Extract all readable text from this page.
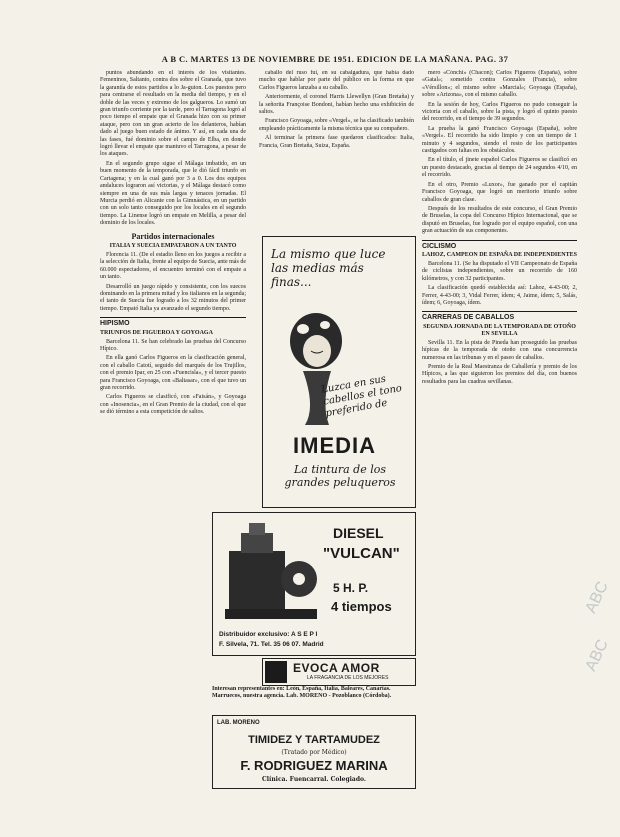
A B C. MARTES 13 DE NOVIEMBRE DE 1951. EDICION DE LA MAÑANA. PAG. 37

puntos abundando en el interés de los visitantes. Femeninos, Saltanto, contra dos sobre el Granada, que tuvo la garantía de estos partidos a lo Ja-guion. Los puestos pero para centrarse el resultado en la media del tiempo, y en el doble de las veces y extremo de los galgueros. Lo sumó un gran triunfo corriente por la tarde, pero el Tarragona logró al poco tiempo el empate que el Granada hizo con su primer ataque, pero con un gran acierto de los delanteros, habían dado al juego buen estado de ánimo. Y así, en cada una de las fases, fué dominio sobre el campo de Elba, en donde logró llevar el empate que mantuvo el Tarragona, a pesar de los ataques.

En el segundo grupo sigue el Málaga imbatido, en un buen momento de la temporada, que le dió fácil triunfo en Cartagena; y en la cual ganó por 3 a 0. Los dos equipos andaluces lograron así victorias, y el Málaga destacó como siempre en una de sus más largas y tenaces jornadas. El Murcia perdió en Alicante con la Gimnástica, en un partido con un solo tanto conseguido por los locales en el segundo tiempo. La Linense logró un empate en Melilla, a pesar del dominio de los locales.

Partidos internacionales
ITALIA Y SUECIA EMPATARON A UN TANTO

Florencia 11. (De el estadio lleno en los juegos a recibir a la selección de Italia, frente al equipo de Suecia, ante más de 60.000 espectadores, el encuentro terminó con el empate a un tanto.

Desarrolló un juego rápido y consistente, con los suecos dominando en la primera mitad y los italianos en la segunda; el tanto de Suecia fue logrado a los 32 minutos del primer tiempo. Empató Italia ya avanzado el segundo tiempo.

HIPISMO
TRIUNFOS DE FIGUEROA Y GOYOAGA

Barcelona 11. Se han celebrado las pruebas del Concurso Hípico.

En ella ganó Carlos Figueros en la clasificación general, con el caballo Catotí, seguido del marqués de los Trujillos, con el premio Ipar, en 25 con «Fuencisla», y el tercer puesto para Francisco Goyoaga, con «Baltasar», con el que tuvo un gran recorrido.

Carlos Figueros se clasificó, con «Faisán», y Goyoaga con «Inosencia», en el Gran Premio de la ciudad, con el que se dió término a esta competición de saltos.

caballo del ruso fui, en su cabalgadura, que había dado mucho que hablar por parte del público en la forma en que Carlos Figueros lanzaba a su caballo.

Anteriormente, el coronel Harris Llewellyn (Gran Bretaña) y la señorita Françoise Bondoni, habían hecho una exhibición de saltos.

Francisco Goyoaga, sobre «Vergel», se ha clasificado también empleando prácticamente la misma técnica que su compañero.

Al terminar la primera fase quedaron clasificados: Italia, Francia, Gran Bretaña, Suiza, España.

La mismo que luce las medias más finas...
Luzca en sus cabellos el tono preferido de
IMEDIA
La tintura de los grandes peluqueros
DIESEL
"VULCAN"
5 H. P.
4 tiempos
Distribuidor exclusivo: A S E P I
F. Silvela, 71. Tel. 35 06 07. Madrid
EVOCA AMOR
LA FRAGANCIA DE LOS MEJORES
Interesan representantes en: León, España, Italia, Baleares, Canarias. Marruecos, nuestra agencia. Lab. MORENO - Pozoblanco (Córdoba).
LAB. MORENO
TIMIDEZ Y TARTAMUDEZ
(Tratado por Médico)
F. RODRIGUEZ MARINA
Clínica. Fuencarral. Colegiado.

mero «Cónchi» (Chacon); Carlos Figueros (España), sobre «Gatal»; sometido contra Gonzales (Francia), sobre «Vérsillon»; el mismo sobre «Marcial»; Goyoaga (España), sobre «Arizona», con el mismo caballo.

En la sesión de hoy, Carlos Figueros no pudo conseguir la victoria con el caballo, sobre la pista, y logró el quinto puesto del recorrido, en el tiempo de 39 segundos.

La prueba la ganó Francisco Goyoaga (España), sobre «Vergel». El recorrido ha sido limpio y con un tiempo de 1 minuto y 4 segundos, siendo el resto de los participantes castigados con faltas en los obstáculos.

En el título, el jinete español Carlos Figueros se clasificó en un puesto destacado, gracias al tiempo de 24 segundos 4/10, en el recorrido.

En el otro, Premio «Luxor», fue ganado por el capitán Francisco Goyoaga, que logró un meritorio triunfo sobre caballos de gran clase.

Después de los resultados de este concurso, el Gran Premio de Bruselas, la copa del Concurso Hípico Internacional, que se disputó en Bruselas, fue logrado por el equipo español, con una gran actuación de sus componentes.

CICLISMO
LAHOZ, CAMPEON DE ESPAÑA DE INDEPENDIENTES

Barcelona 11. (Se ha disputado el VII Campeonato de España de ciclistas independientes, sobre un recorrido de 160 kilómetros, y con 32 participantes.

La clasificación quedó establecida así: Lahoz, 4-43-00; 2, Ferrer, 4-43-00; 3, Vidal Ferrer, ídem; 4, Jaime, ídem; 5, Salás, ídem; 6, Goyoaga, ídem.

CARRERAS DE CABALLOS
SEGUNDA JORNADA DE LA TEMPORADA DE OTOÑO EN SEVILLA

Sevilla 11. En la pista de Pineda han proseguido las pruebas hípicas de la temporada de otoño con una concurrencia numerosa en las tribunas y en el paseo de caballos.

Premio de la Real Maestranza de Caballería y premio de los Hípicos, a las que siguieron los premios del día, con buenos resultados para las cuadras sevillanas.

ABC
ABC
